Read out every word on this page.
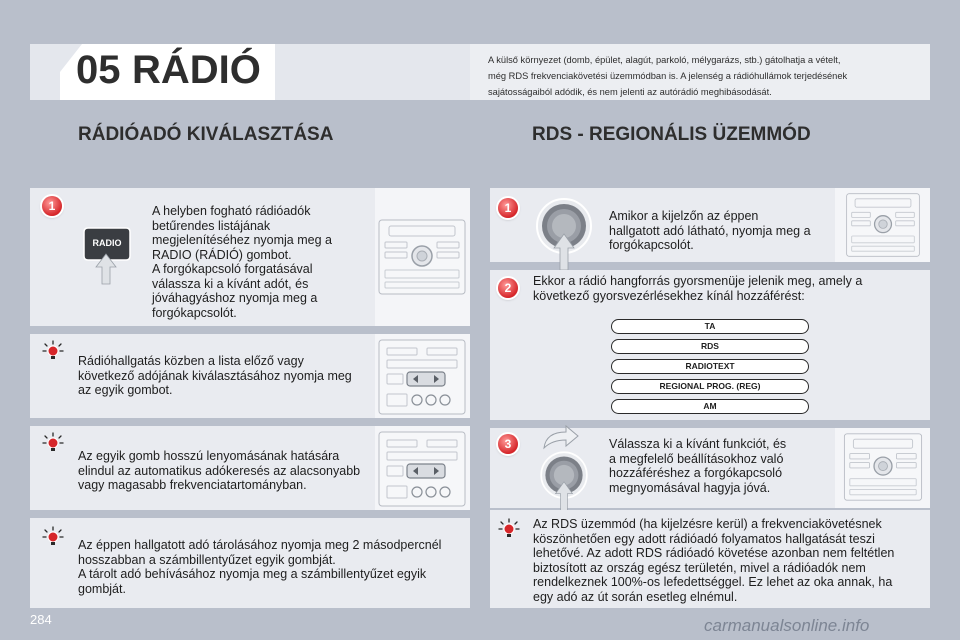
05 RÁDIÓ	A külső környezet (domb, épület, alagút, parkoló, mélygarázs, stb.) gátolhatja a vételt,
még RDS frekvenciakövetési üzemmódban is. A jelenség a rádióhullámok terjedésének
sajátosságaiból adódik, és nem jelenti az autórádió meghibásodását.
RÁDIÓADÓ KIVÁLASZTÁSA	RDS - REGIONÁLIS ÜZEMMÓD
1
RADIO
A helyben fogható rádióadók
betűrendes listájának
megjelenítéséhez nyomja meg a
RADIO (RÁDIÓ) gombot.
A forgókapcsoló forgatásával
válassza ki a kívánt adót, és
jóváhagyáshoz nyomja meg a
forgókapcsolót.
Rádióhallgatás közben a lista előző vagy
következő adójának kiválasztásához nyomja meg
az egyik gombot.
Az egyik gomb hosszú lenyomásának hatására
elindul az automatikus adókeresés az alacsonyabb
vagy magasabb frekvenciatartományban.
Az éppen hallgatott adó tárolásához nyomja meg 2 másodpercnél
hosszabban a számbillentyűzet egyik gombját.
A tárolt adó behívásához nyomja meg a számbillentyűzet egyik
gombját.
1
Amikor a kijelzőn az éppen
hallgatott adó látható, nyomja meg a
forgókapcsolót.
2	Ekkor a rádió hangforrás gyorsmenüje jelenik meg, amely a
következő gyorsvezérlésekhez kínál hozzáférést:
TA
RDS
RADIOTEXT
REGIONAL PROG. (REG)
AM
3	Válassza ki a kívánt funkciót, és
a megfelelő beállításokhoz való
hozzáféréshez a forgókapcsoló
megnyomásával hagyja jóvá.
Az RDS üzemmód (ha kijelzésre kerül) a frekvenciakövetésnek
köszönhetően egy adott rádióadó folyamatos hallgatását teszi
lehetővé. Az adott RDS rádióadó követése azonban nem feltétlen
biztosított az ország egész területén, mivel a rádióadók nem
rendelkeznek 100%-os lefedettséggel. Ez lehet az oka annak, ha
egy adó az út során esetleg elnémul.
284	carmanualsonline.info
